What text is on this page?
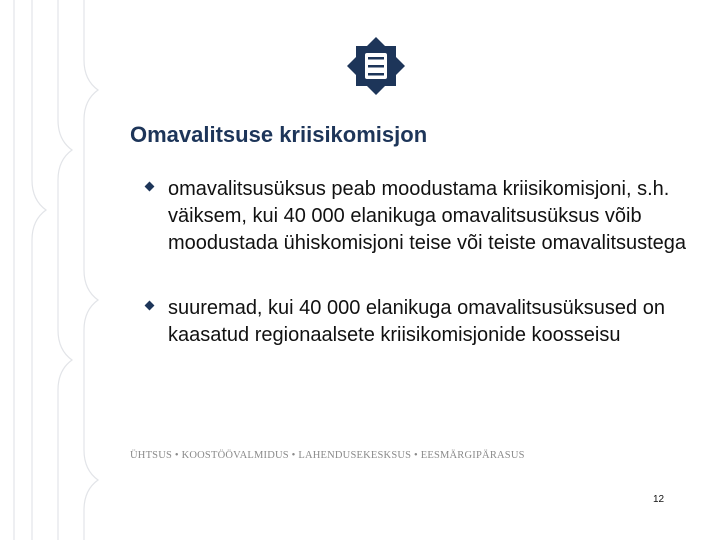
Omavalitsuse kriisikomisjon
omavalitsusüksus peab moodustama kriisikomisjoni, s.h. väiksem, kui 40 000 elanikuga omavalitsusüksus võib moodustada ühiskomisjoni teise või teiste omavalitsustega
suuremad, kui 40 000 elanikuga omavalitsusüksused on kaasatud regionaalsete kriisikomisjonide koosseisu
ÜHTSUS • KOOSTÖÖVALMIDUS • LAHENDUSEKESKSUS • EESMÄRGIPÄRASUS
12
